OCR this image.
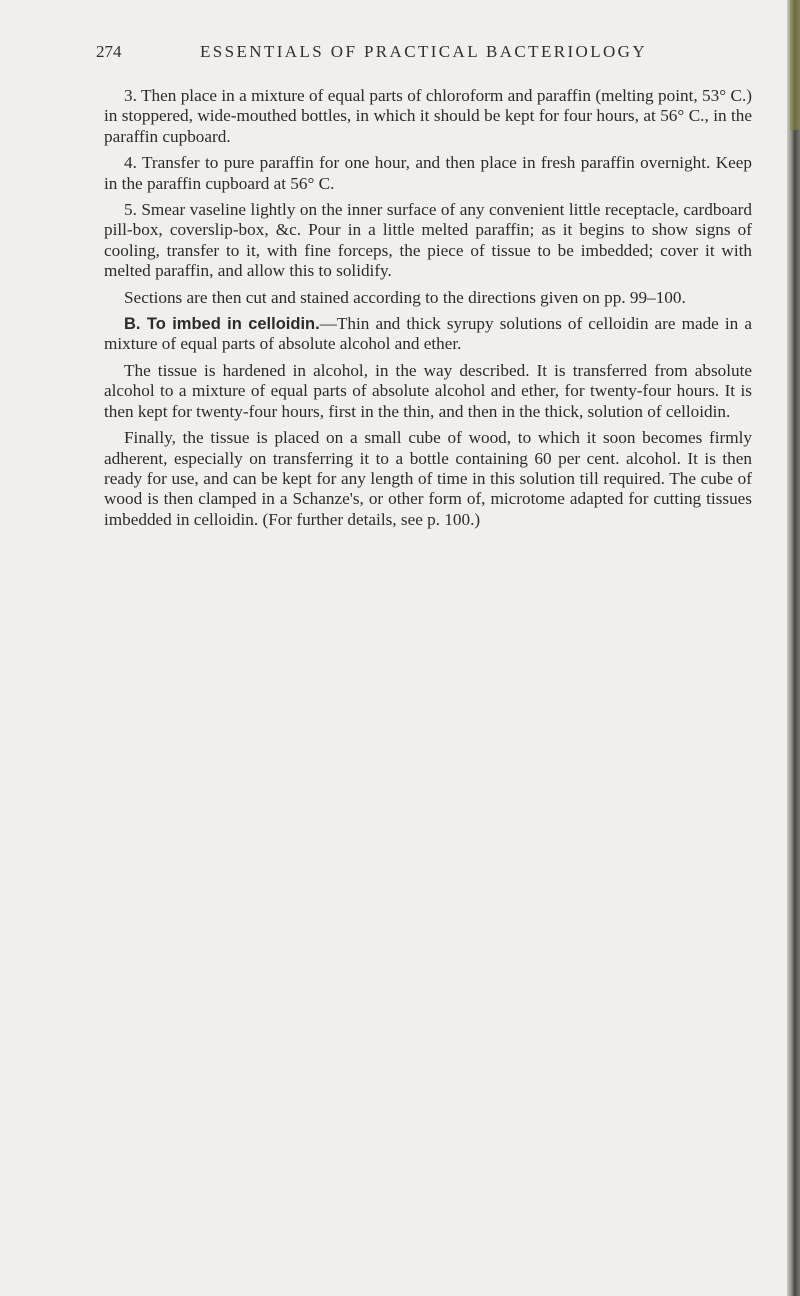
274	ESSENTIALS OF PRACTICAL BACTERIOLOGY

3. Then place in a mixture of equal parts of chloroform and paraffin (melting point, 53° C.) in stoppered, wide-mouthed bottles, in which it should be kept for four hours, at 56° C., in the paraffin cupboard.

4. Transfer to pure paraffin for one hour, and then place in fresh paraffin overnight. Keep in the paraffin cupboard at 56° C.

5. Smear vaseline lightly on the inner surface of any convenient little receptacle, cardboard pill-box, coverslip-box, &c. Pour in a little melted paraffin; as it begins to show signs of cooling, transfer to it, with fine forceps, the piece of tissue to be imbedded; cover it with melted paraffin, and allow this to solidify.

Sections are then cut and stained according to the directions given on pp. 99–100.

B. To imbed in celloidin.—Thin and thick syrupy solutions of celloidin are made in a mixture of equal parts of absolute alcohol and ether.

The tissue is hardened in alcohol, in the way described. It is transferred from absolute alcohol to a mixture of equal parts of absolute alcohol and ether, for twenty-four hours. It is then kept for twenty-four hours, first in the thin, and then in the thick, solution of celloidin.

Finally, the tissue is placed on a small cube of wood, to which it soon becomes firmly adherent, especially on transferring it to a bottle containing 60 per cent. alcohol. It is then ready for use, and can be kept for any length of time in this solution till required. The cube of wood is then clamped in a Schanze's, or other form of, microtome adapted for cutting tissues imbedded in celloidin. (For further details, see p. 100.)
